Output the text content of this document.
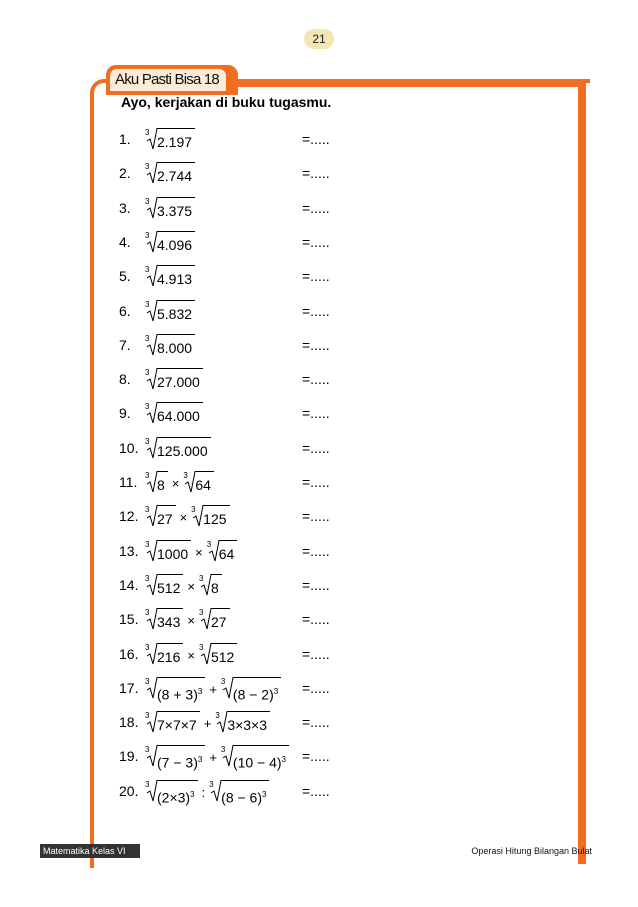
21
Aku Pasti Bisa 18
Ayo, kerjakan di buku tugasmu.
1. 3
2.197	=.....
2. 3
2.744	=.....
3. 3
3.375	=.....
4. 3
4.096	=.....
5. 3
4.913	=.....
6. 3
5.832	=.....
7. 3
8.000	=.....
8. 3
27.000	=.....
9. 3
64.000	=.....
10. 3
125.000	=.....
11. 3
8 ×
3
64	=.....
12. 3
27 ×
3
125	=.....
13. 3
1000 ×
3
64	=.....
14. 3
512 ×
3
8	=.....
15. 3
343 ×
3
27	=.....
16. 3
216 ×
3
512	=.....
17. 3
$(8 + 3)^3$ +
3
$(8 - 2)^3$ =.....
18. 3
7×7×7 +
3
3×3×3 =.....
19. 3
$(7 - 3)^3$ +
3
$(10 - 4)^3$ =.....
20. 3
$(2\times 3)^3$ :
3
$(8 - 6)^3$	=.....
Matematika Kelas VI	Operasi Hitung Bilangan Bulat
